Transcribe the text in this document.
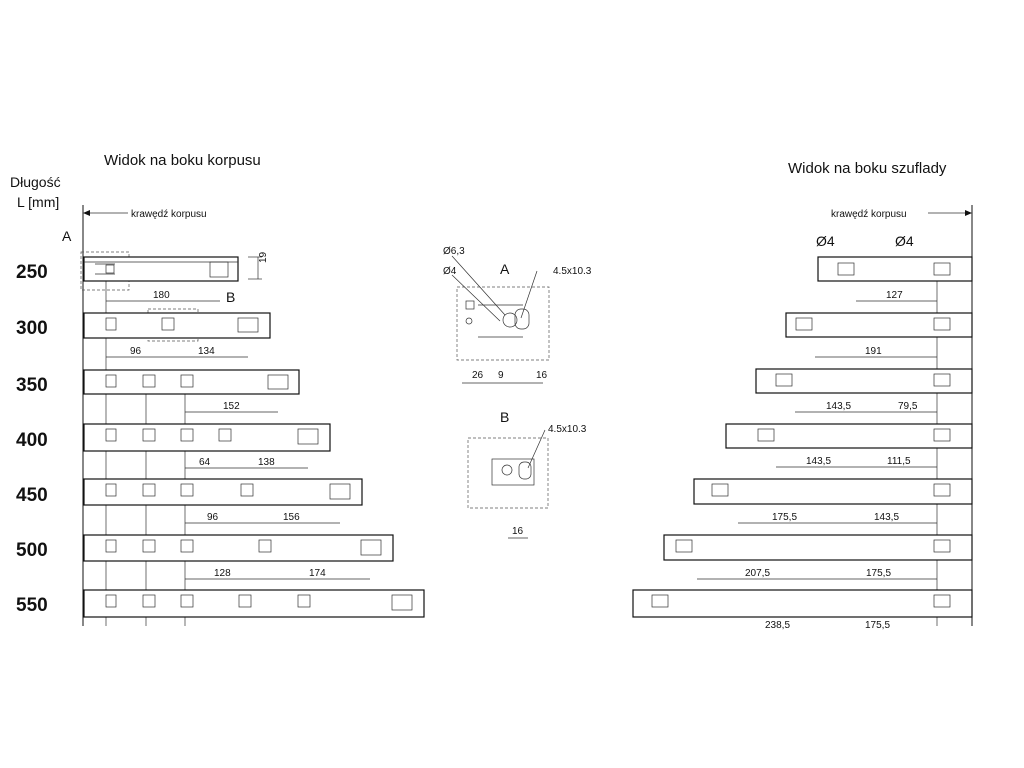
Widok na boku korpusu	Widok na boku szuflady
Długość
L [mm]
krawędź korpusu	krawędź korpusu
A
B
19
250
300
350
400
450
500
550
180
96	134
152
64	138
96	156
128	174
Ø4	Ø4
127
191
143,5	79,5
143,5	111,5
175,5	143,5
207,5	175,5
238,5	175,5
A
Ø6,3
Ø4	4.5x10.3
26 9	16
B
4.5x10.3
16
